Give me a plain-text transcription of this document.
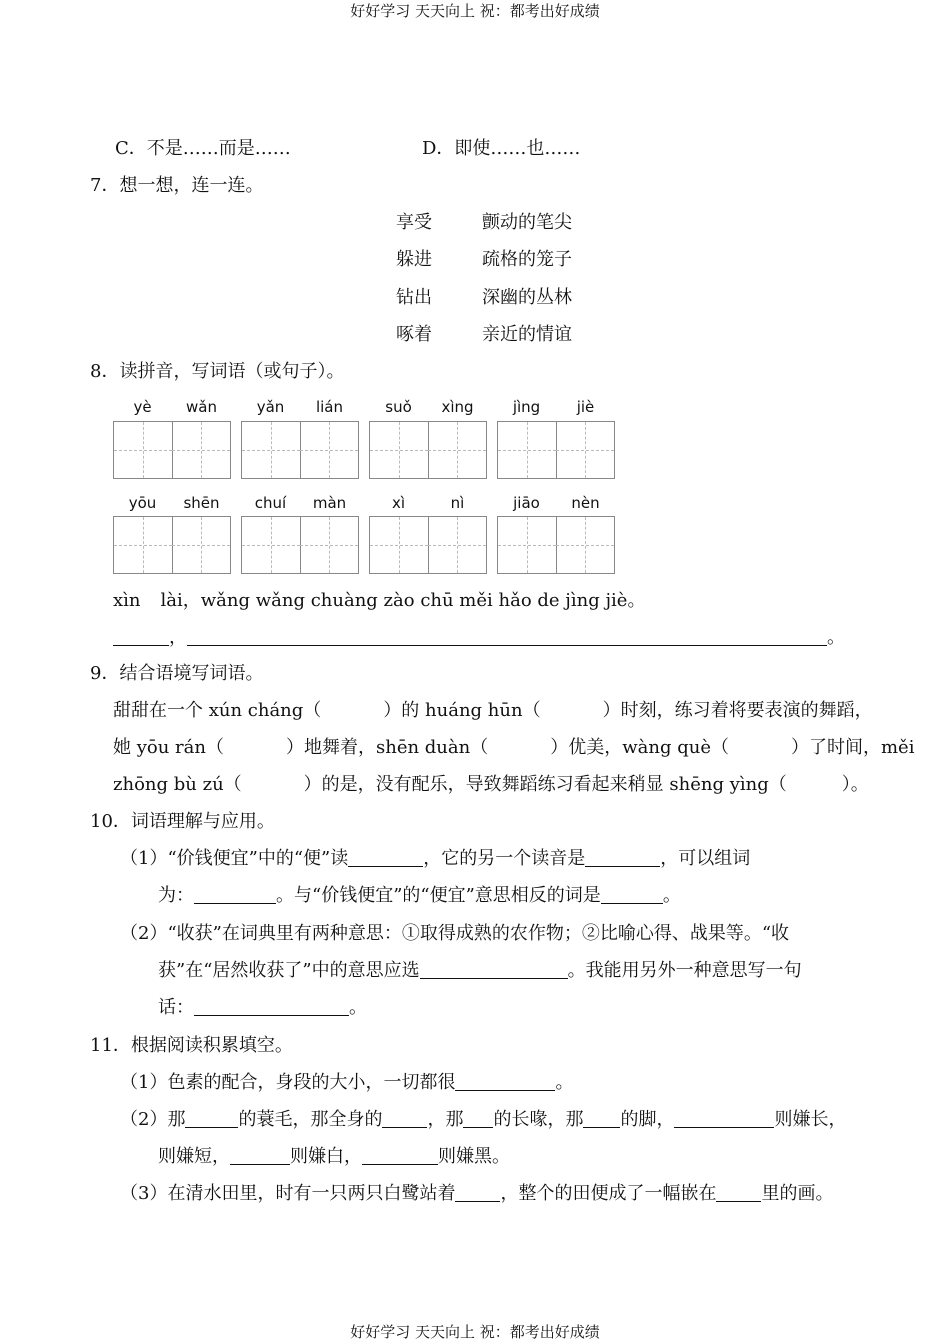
好好学习 天天向上 祝：都考出好成绩
C．不是……而是……	D．即使……也……
7．想一想，连一连。
享受	颤动的笔尖
躲进	疏格的笼子
钻出	深幽的丛林
啄着	亲近的情谊
8．读拼音，写词语（或句子）。
yè	wǎn	yǎn	lián	suǒ	xìng	jìng	jiè
yōu	shēn	chuí	màn	xì	nì	jiāo	nèn
xìn lài，wǎng wǎng chuàng zào chū měi hǎo de jìng jiè。
，	。
9．结合语境写词语。
甜甜在一个 xún cháng（	）的 huáng hūn（	）时刻，练习着将要表演的舞蹈，
她 yōu rán（	）地舞着，shēn duàn（	）优美，wàng què（	）了时间，měi
zhōng bù zú（	）的是，没有配乐，导致舞蹈练习看起来稍显 shēng yìng（	）。
10．词语理解与应用。
（1）“价钱便宜”中的“便”读	，它的另一个读音是	，可以组词
为：	。与“价钱便宜”的“便宜”意思相反的词是	。
（2）“收获”在词典里有两种意思：①取得成熟的农作物；②比喻心得、战果等。“收
获”在“居然收获了”中的意思应选	。我能用另外一种意思写一句
话：	。
11．根据阅读积累填空。
（1）色素的配合，身段的大小，一切都很	。
（2）那	的蓑毛，那全身的	，那 的长喙，那 的脚，	则嫌长，
则嫌短，	则嫌白，	则嫌黑。
（3）在清水田里，时有一只两只白鹭站着	，整个的田便成了一幅嵌在	里的画。
好好学习 天天向上 祝：都考出好成绩
